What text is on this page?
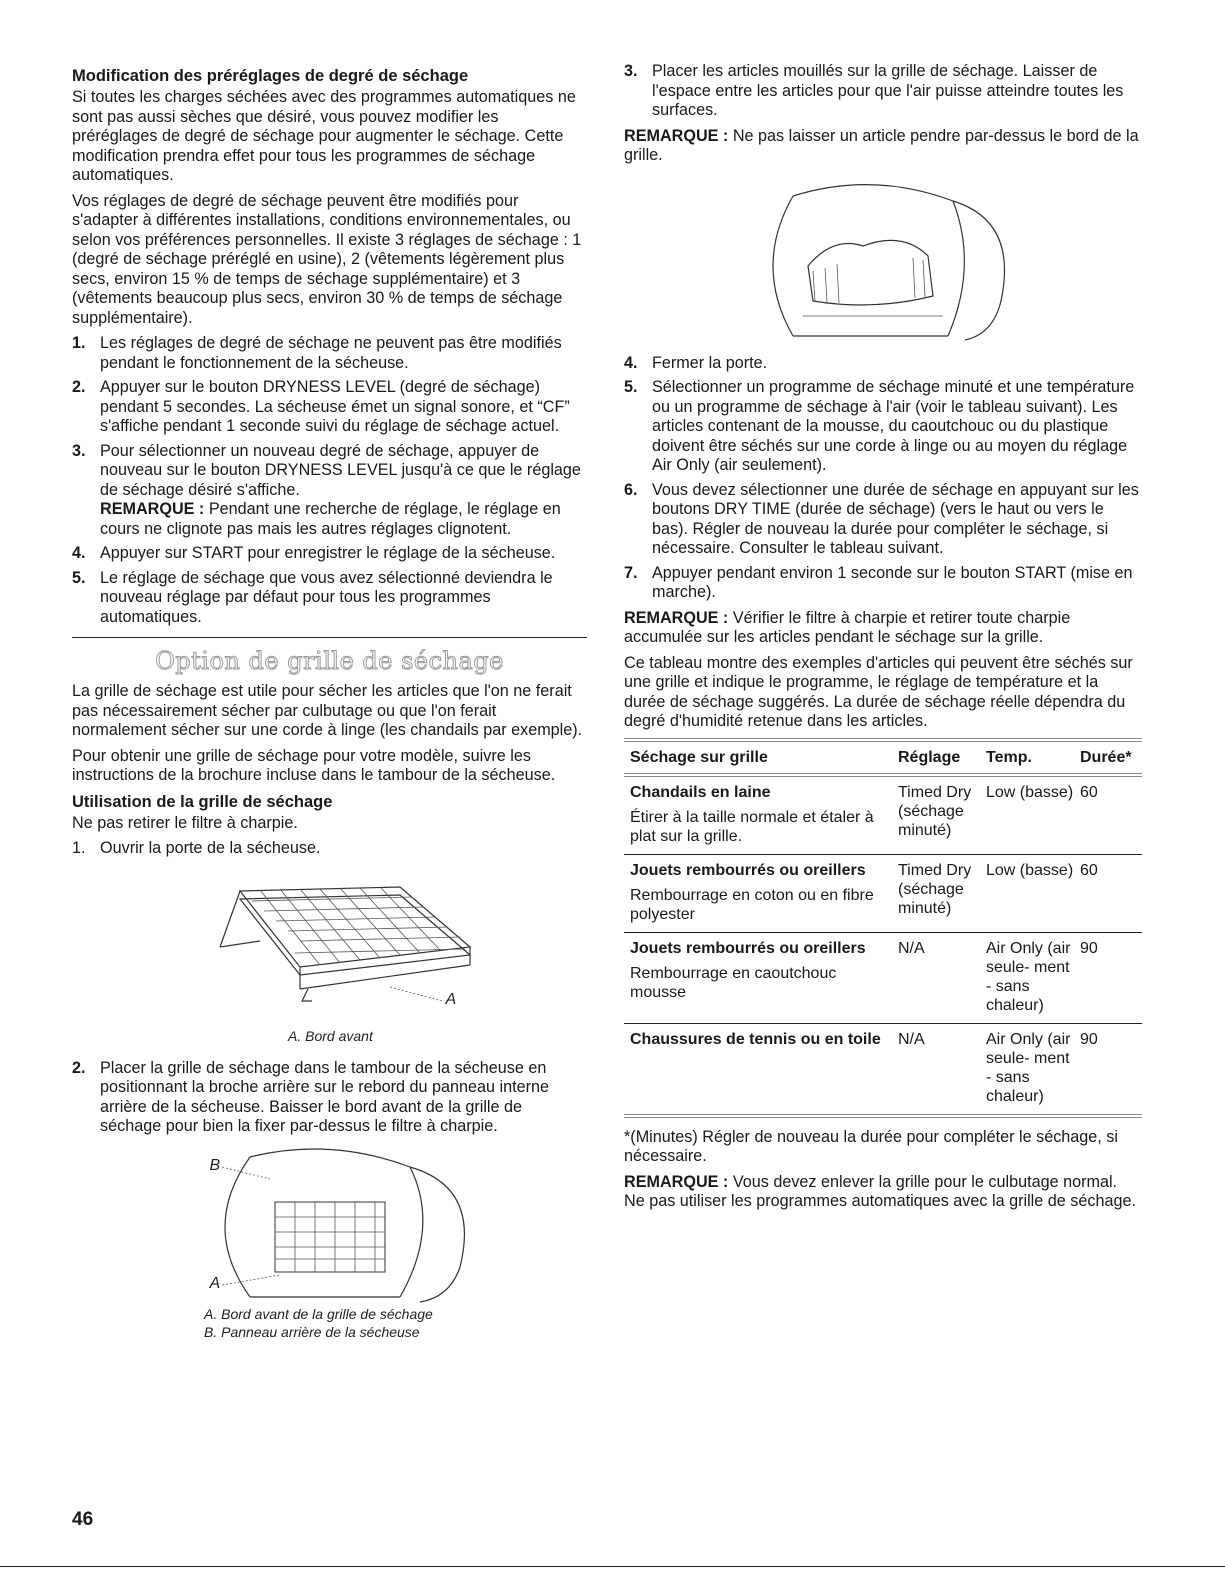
Modification des préréglages de degré de séchage

Si toutes les charges séchées avec des programmes automatiques ne sont pas aussi sèches que désiré, vous pouvez modifier les préréglages de degré de séchage pour augmenter le séchage. Cette modification prendra effet pour tous les programmes de séchage automatiques.

Vos réglages de degré de séchage peuvent être modifiés pour s'adapter à différentes installations, conditions environnementales, ou selon vos préférences personnelles. Il existe 3 réglages de séchage : 1 (degré de séchage préréglé en usine), 2 (vêtements légèrement plus secs, environ 15 % de temps de séchage supplémentaire) et 3 (vêtements beaucoup plus secs, environ 30 % de temps de séchage supplémentaire).

1. Les réglages de degré de séchage ne peuvent pas être modifiés pendant le fonctionnement de la sécheuse.
2. Appuyer sur le bouton DRYNESS LEVEL (degré de séchage) pendant 5 secondes. La sécheuse émet un signal sonore, et “CF” s'affiche pendant 1 seconde suivi du réglage de séchage actuel.
3. Pour sélectionner un nouveau degré de séchage, appuyer de nouveau sur le bouton DRYNESS LEVEL jusqu'à ce que le réglage de séchage désiré s'affiche.
REMARQUE : Pendant une recherche de réglage, le réglage en cours ne clignote pas mais les autres réglages clignotent.
4. Appuyer sur START pour enregistrer le réglage de la sécheuse.
5. Le réglage de séchage que vous avez sélectionné deviendra le nouveau réglage par défaut pour tous les programmes automatiques.
Option de grille de séchage

La grille de séchage est utile pour sécher les articles que l'on ne ferait pas nécessairement sécher par culbutage ou que l'on ferait normalement sécher sur une corde à linge (les chandails par exemple).

Pour obtenir une grille de séchage pour votre modèle, suivre les instructions de la brochure incluse dans le tambour de la sécheuse.

Utilisation de la grille de séchage

Ne pas retirer le filtre à charpie.

1. Ouvrir la porte de la sécheuse.
A
A. Bord avant
2. Placer la grille de séchage dans le tambour de la sécheuse en positionnant la broche arrière sur le rebord du panneau interne arrière de la sécheuse. Baisser le bord avant de la grille de séchage pour bien la fixer par-dessus le filtre à charpie.
B
A
A. Bord avant de la grille de séchage
B. Panneau arrière de la sécheuse
3. Placer les articles mouillés sur la grille de séchage. Laisser de l'espace entre les articles pour que l'air puisse atteindre toutes les surfaces.

REMARQUE : Ne pas laisser un article pendre par-dessus le bord de la grille.

4. Fermer la porte.
5. Sélectionner un programme de séchage minuté et une température ou un programme de séchage à l'air (voir le tableau suivant). Les articles contenant de la mousse, du caoutchouc ou du plastique doivent être séchés sur une corde à linge ou au moyen du réglage Air Only (air seulement).
6. Vous devez sélectionner une durée de séchage en appuyant sur les boutons DRY TIME (durée de séchage) (vers le haut ou vers le bas). Régler de nouveau la durée pour compléter le séchage, si nécessaire. Consulter le tableau suivant.
7. Appuyer pendant environ 1 seconde sur le bouton START (mise en marche).

REMARQUE : Vérifier le filtre à charpie et retirer toute charpie accumulée sur les articles pendant le séchage sur la grille.

Ce tableau montre des exemples d'articles qui peuvent être séchés sur une grille et indique le programme, le réglage de température et la durée de séchage suggérés. La durée de séchage réelle dépendra du degré d'humidité retenue dans les articles.

Séchage sur grille	Réglage	Temp.	Durée*

Chandails en laine
Étirer à la taille normale et étaler à plat sur la grille.	Timed Dry (séchage minuté)	Low (basse)	60

Jouets rembourrés ou oreillers
Rembourrage en coton ou en fibre polyester	Timed Dry (séchage minuté)	Low (basse)	60

Jouets rembourrés ou oreillers
Rembourrage en caoutchouc mousse	N/A	Air Only (air seule- ment - sans chaleur)	90

Chaussures de tennis ou en toile	N/A	Air Only (air seule- ment - sans chaleur)	90

*(Minutes) Régler de nouveau la durée pour compléter le séchage, si nécessaire.

REMARQUE : Vous devez enlever la grille pour le culbutage normal. Ne pas utiliser les programmes automatiques avec la grille de séchage.

46
